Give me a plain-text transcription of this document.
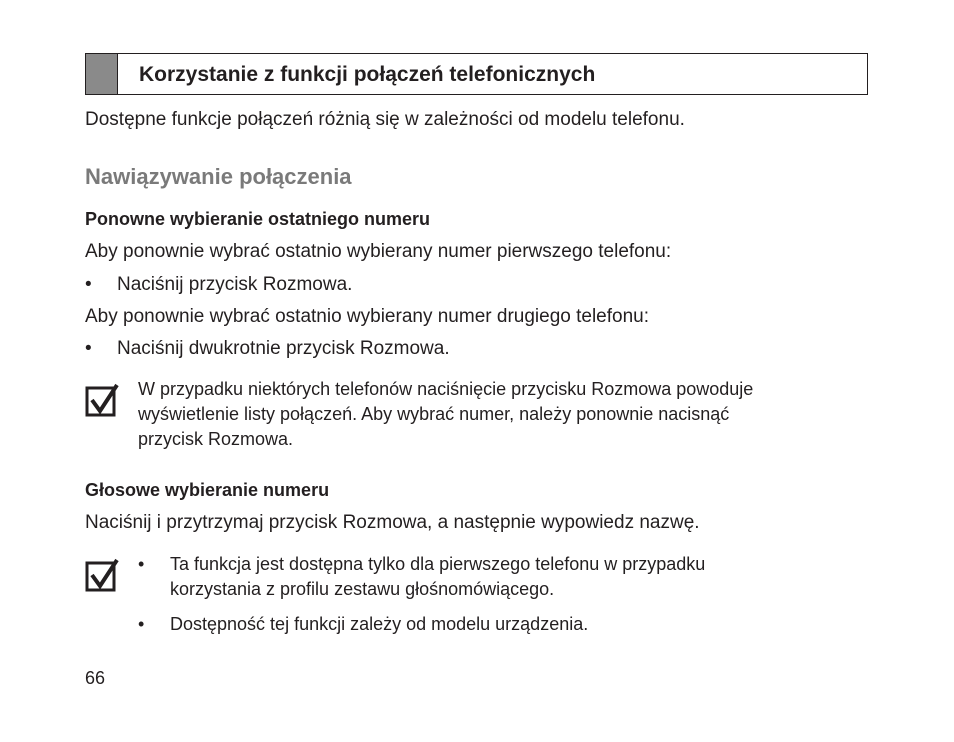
Korzystanie z funkcji połączeń telefonicznych
Dostępne funkcje połączeń różnią się w zależności od modelu telefonu.
Nawiązywanie połączenia
Ponowne wybieranie ostatniego numeru
Aby ponownie wybrać ostatnio wybierany numer pierwszego telefonu:
• Naciśnij przycisk Rozmowa.
Aby ponownie wybrać ostatnio wybierany numer drugiego telefonu:
• Naciśnij dwukrotnie przycisk Rozmowa.
W przypadku niektórych telefonów naciśnięcie przycisku Rozmowa powoduje
wyświetlenie listy połączeń. Aby wybrać numer, należy ponownie nacisnąć
przycisk Rozmowa.
Głosowe wybieranie numeru
Naciśnij i przytrzymaj przycisk Rozmowa, a następnie wypowiedz nazwę.
• Ta funkcja jest dostępna tylko dla pierwszego telefonu w przypadku
korzystania z profilu zestawu głośnomówiącego.
• Dostępność tej funkcji zależy od modelu urządzenia.
66
